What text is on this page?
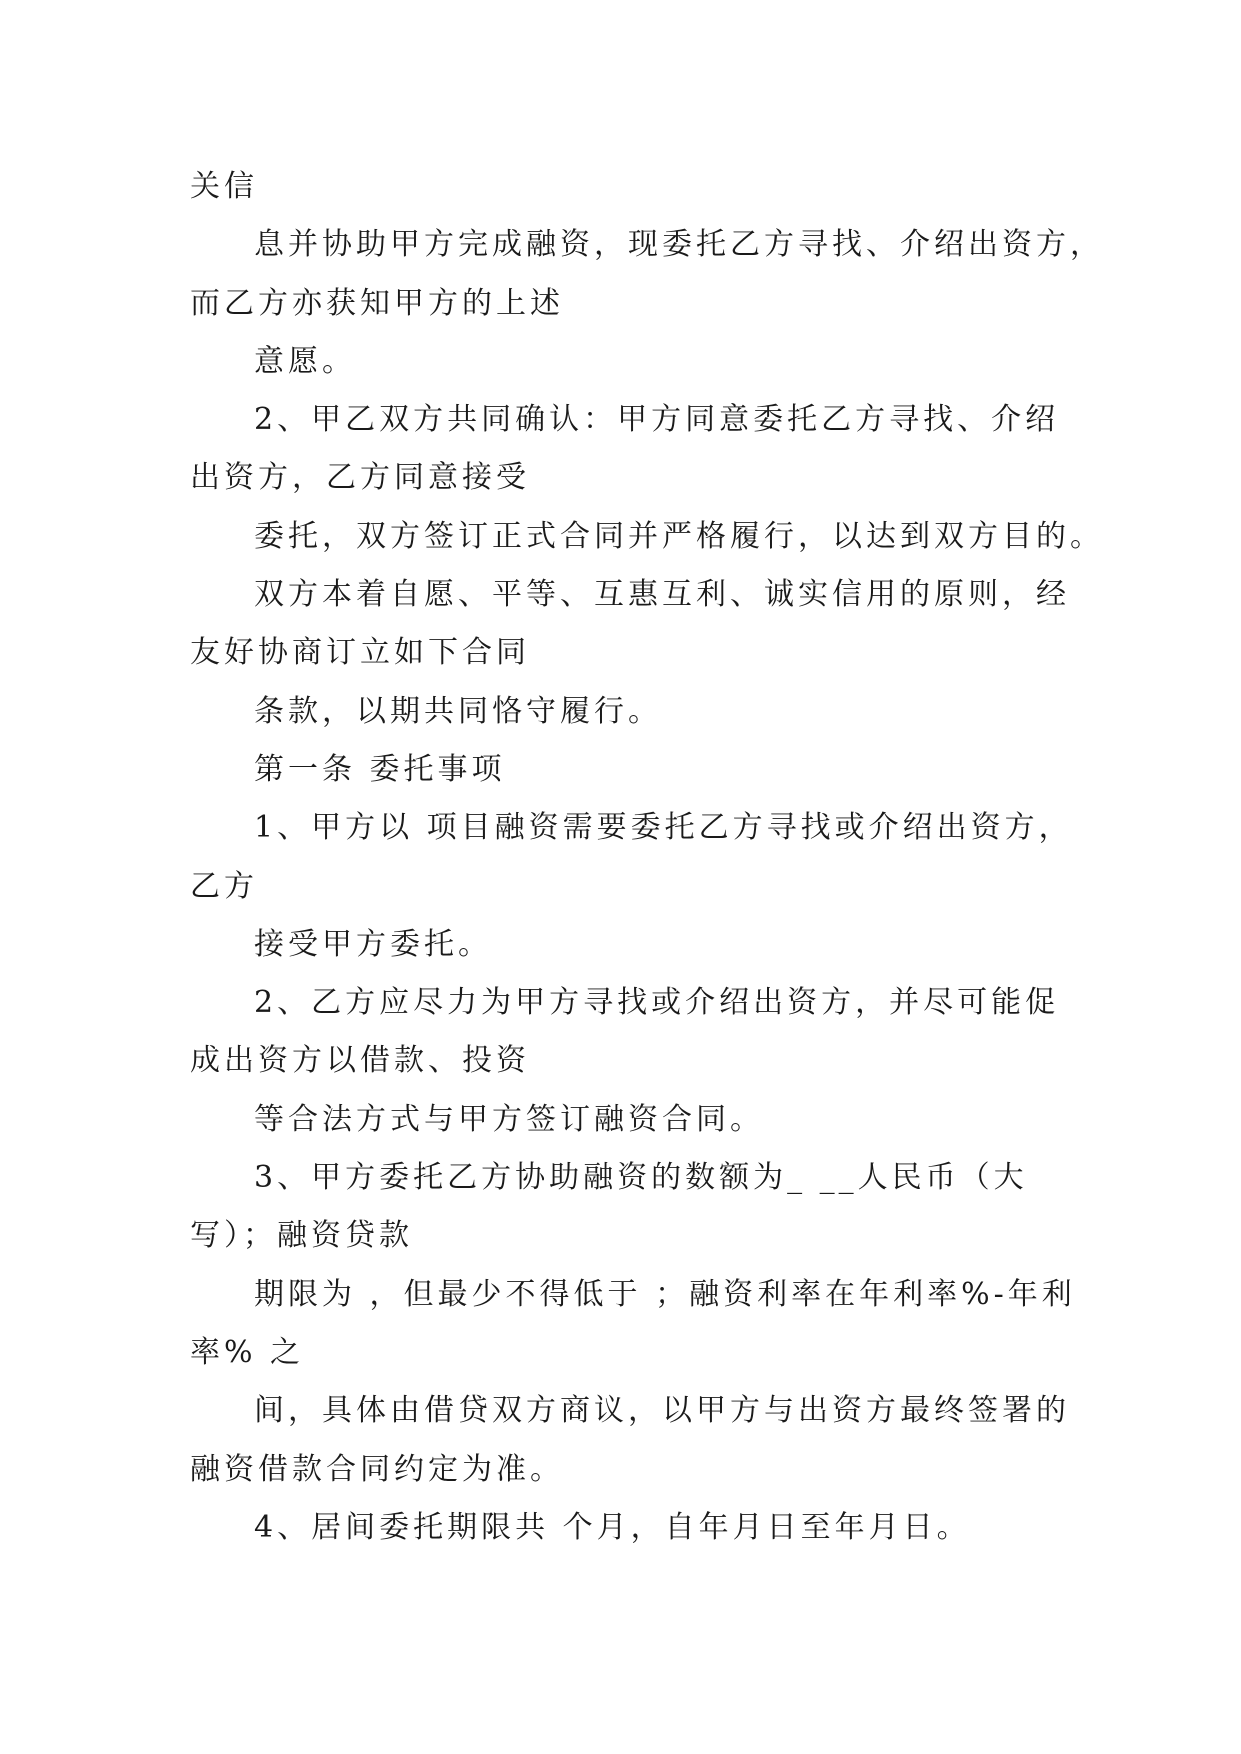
关信
息并协助甲方完成融资，现委托乙方寻找、介绍出资方，
而乙方亦获知甲方的上述
意愿。
2、甲乙双方共同确认：甲方同意委托乙方寻找、介绍
出资方，乙方同意接受
委托，双方签订正式合同并严格履行，以达到双方目的。
双方本着自愿、平等、互惠互利、诚实信用的原则，经
友好协商订立如下合同
条款，以期共同恪守履行。
第一条 委托事项
1、甲方以 项目融资需要委托乙方寻找或介绍出资方，
乙方
接受甲方委托。
2、乙方应尽力为甲方寻找或介绍出资方，并尽可能促
成出资方以借款、投资
等合法方式与甲方签订融资合同。
3、甲方委托乙方协助融资的数额为_ __人民币（大
写）；融资贷款
期限为 ，但最少不得低于 ；融资利率在年利率%-年利
率% 之
间，具体由借贷双方商议，以甲方与出资方最终签署的
融资借款合同约定为准。
4、居间委托期限共 个月，自年月日至年月日。
